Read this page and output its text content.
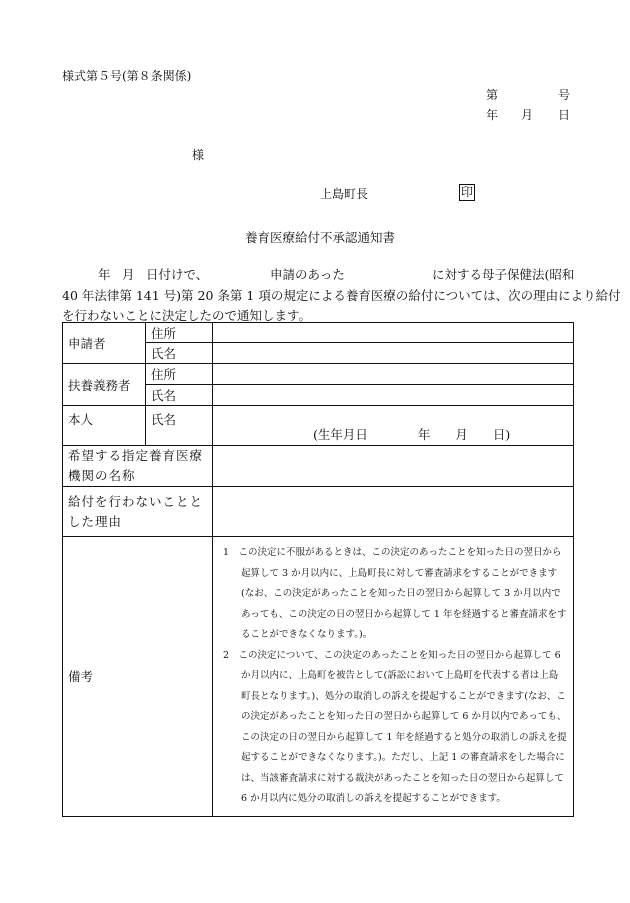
様式第５号(第８条関係)
第	号
年 月 日
様
上島町長	印
養育医療給付不承認通知書
年 月 日付けで、	申請のあった	に対する母子保健法(昭和
40 年法律第 141 号)第 20 条第 1 項の規定による養育医療の給付については、次の理由により給付
を行わないことに決定したので通知します。
申請者	住所	
	氏名	
扶養義務者	住所	
	氏名	
本人	氏名	(生年月日　　　　年　　月　　日)
希望する指定養育医療機関の名称		
給付を行わないこととした理由		
備考		1　この決定に不服があるときは、この決定のあったことを知った日の翌日から起算して 3 か月以内に、上島町長に対して審査請求をすることができます(なお、この決定があったことを知った日の翌日から起算して 3 か月以内であっても、この決定の日の翌日から起算して 1 年を経過すると審査請求をすることができなくなります。)。
2　この決定について、この決定のあったことを知った日の翌日から起算して 6 か月以内に、上島町を被告として(訴訟において上島町を代表する者は上島町長となります。)、処分の取消しの訴えを提起することができます(なお、この決定があったことを知った日の翌日から起算して 6 か月以内であっても、この決定の日の翌日から起算して 1 年を経過すると処分の取消しの訴えを提起することができなくなります。)。ただし、上記 1 の審査請求をした場合には、当該審査請求に対する裁決があったことを知った日の翌日から起算して 6 か月以内に処分の取消しの訴えを提起することができます。
